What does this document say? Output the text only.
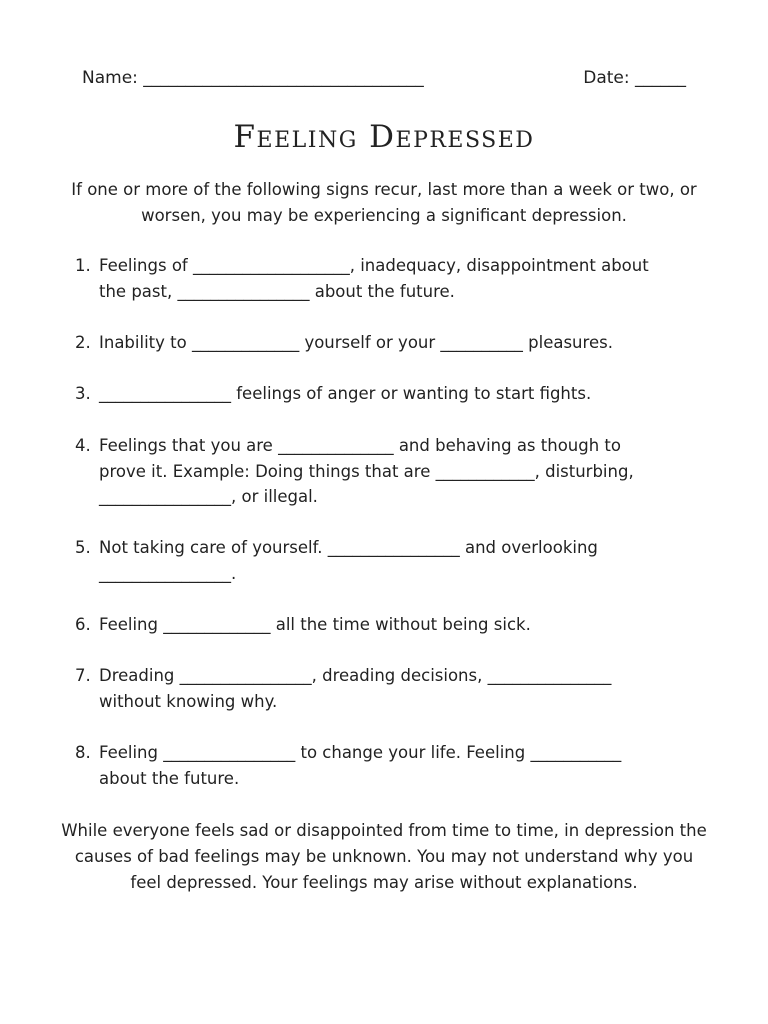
Name: _________________________________	Date: ______
Feeling Depressed

If one or more of the following signs recur, last more than a week or two, or worsen, you may be experiencing a significant depression.

1. Feelings of ___________________, inadequacy, disappointment about
the past, ________________ about the future.
2. Inability to _____________ yourself or your __________ pleasures.
3. ________________ feelings of anger or wanting to start fights.
4. Feelings that you are ______________ and behaving as though to
prove it. Example: Doing things that are ____________, disturbing,
________________, or illegal.
5. Not taking care of yourself. ________________ and overlooking
________________.
6. Feeling _____________ all the time without being sick.
7. Dreading ________________, dreading decisions, _______________
without knowing why.
8. Feeling ________________ to change your life. Feeling ___________
about the future.

While everyone feels sad or disappointed from time to time, in depression the causes of bad feelings may be unknown. You may not understand why you feel depressed. Your feelings may arise without explanations.
